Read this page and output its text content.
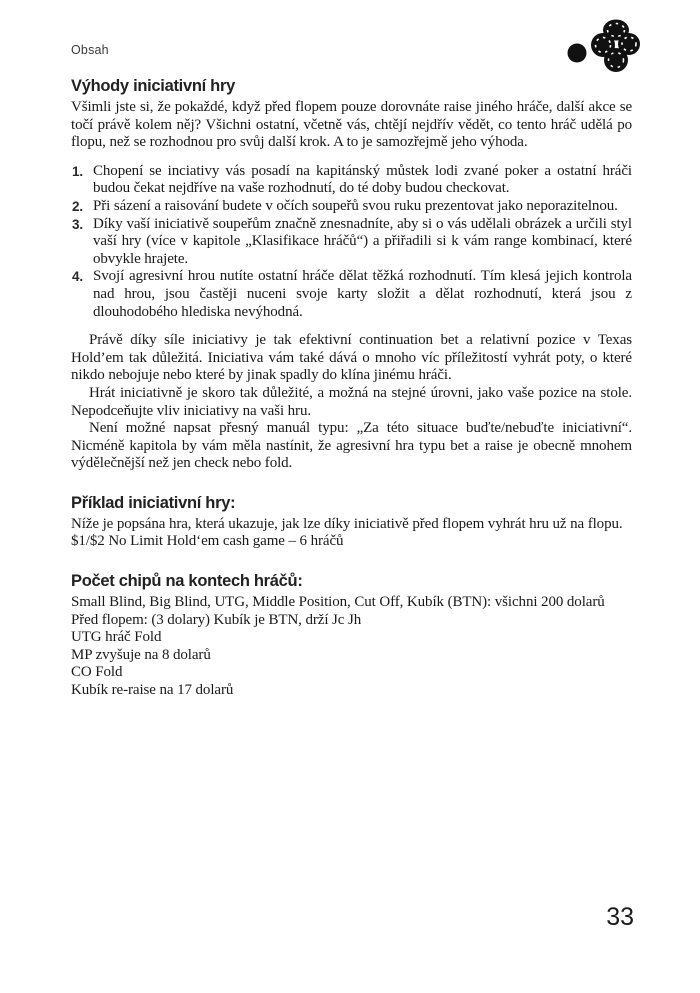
Obsah
Výhody iniciativní hry

Všimli jste si, že pokaždé, když před flopem pouze dorovnáte raise jiného hráče, další akce se točí právě kolem něj? Všichni ostatní, včetně vás, chtějí nejdřív vědět, co tento hráč udělá po flopu, než se rozhodnou pro svůj další krok. A to je samozřejmě jeho výhoda.

1. Chopení se inciativy vás posadí na kapitánský můstek lodi zvané poker a ostatní hráči budou čekat nejdříve na vaše rozhodnutí, do té doby budou checkovat.

2. Při sázení a raisování budete v očích soupeřů svou ruku prezentovat jako neporazitelnou.

3. Díky vaší iniciativě soupeřům značně znesnadníte, aby si o vás udělali obrázek a určili styl vaší hry (více v kapitole „Klasifikace hráčů“) a přiřadili si k vám range kombinací, které obvykle hrajete.

4. Svojí agresivní hrou nutíte ostatní hráče dělat těžká rozhodnutí. Tím klesá jejich kontrola nad hrou, jsou častěji nuceni svoje karty složit a dělat rozhodnutí, která jsou z dlouhodobého hlediska nevýhodná.

Právě díky síle iniciativy je tak efektivní continuation bet a relativní pozice v Texas Hold’em tak důležitá. Iniciativa vám také dává o mnoho víc příležitostí vyhrát poty, o které nikdo nebojuje nebo které by jinak spadly do klína jinému hráči.

Hrát iniciativně je skoro tak důležité, a možná na stejné úrovni, jako vaše pozice na stole. Nepodceňujte vliv iniciativy na vaši hru.

Není možné napsat přesný manuál typu: „Za této situace buďte/nebuďte iniciativní“. Nicméně kapitola by vám měla nastínit, že agresivní hra typu bet a raise je obecně mnohem výdělečnější než jen check nebo fold.

Příklad iniciativní hry:

Níže je popsána hra, která ukazuje, jak lze díky iniciativě před flopem vyhrát hru už na flopu.

$1/$2 No Limit Hold‘em cash game – 6 hráčů

Počet chipů na kontech hráčů:

Small Blind, Big Blind, UTG, Middle Position, Cut Off, Kubík (BTN): všichni 200 dolarů

Před flopem: (3 dolary) Kubík je BTN, drží Jc Jh

UTG hráč Fold

MP zvyšuje na 8 dolarů

CO Fold

Kubík re-raise na 17 dolarů

33
